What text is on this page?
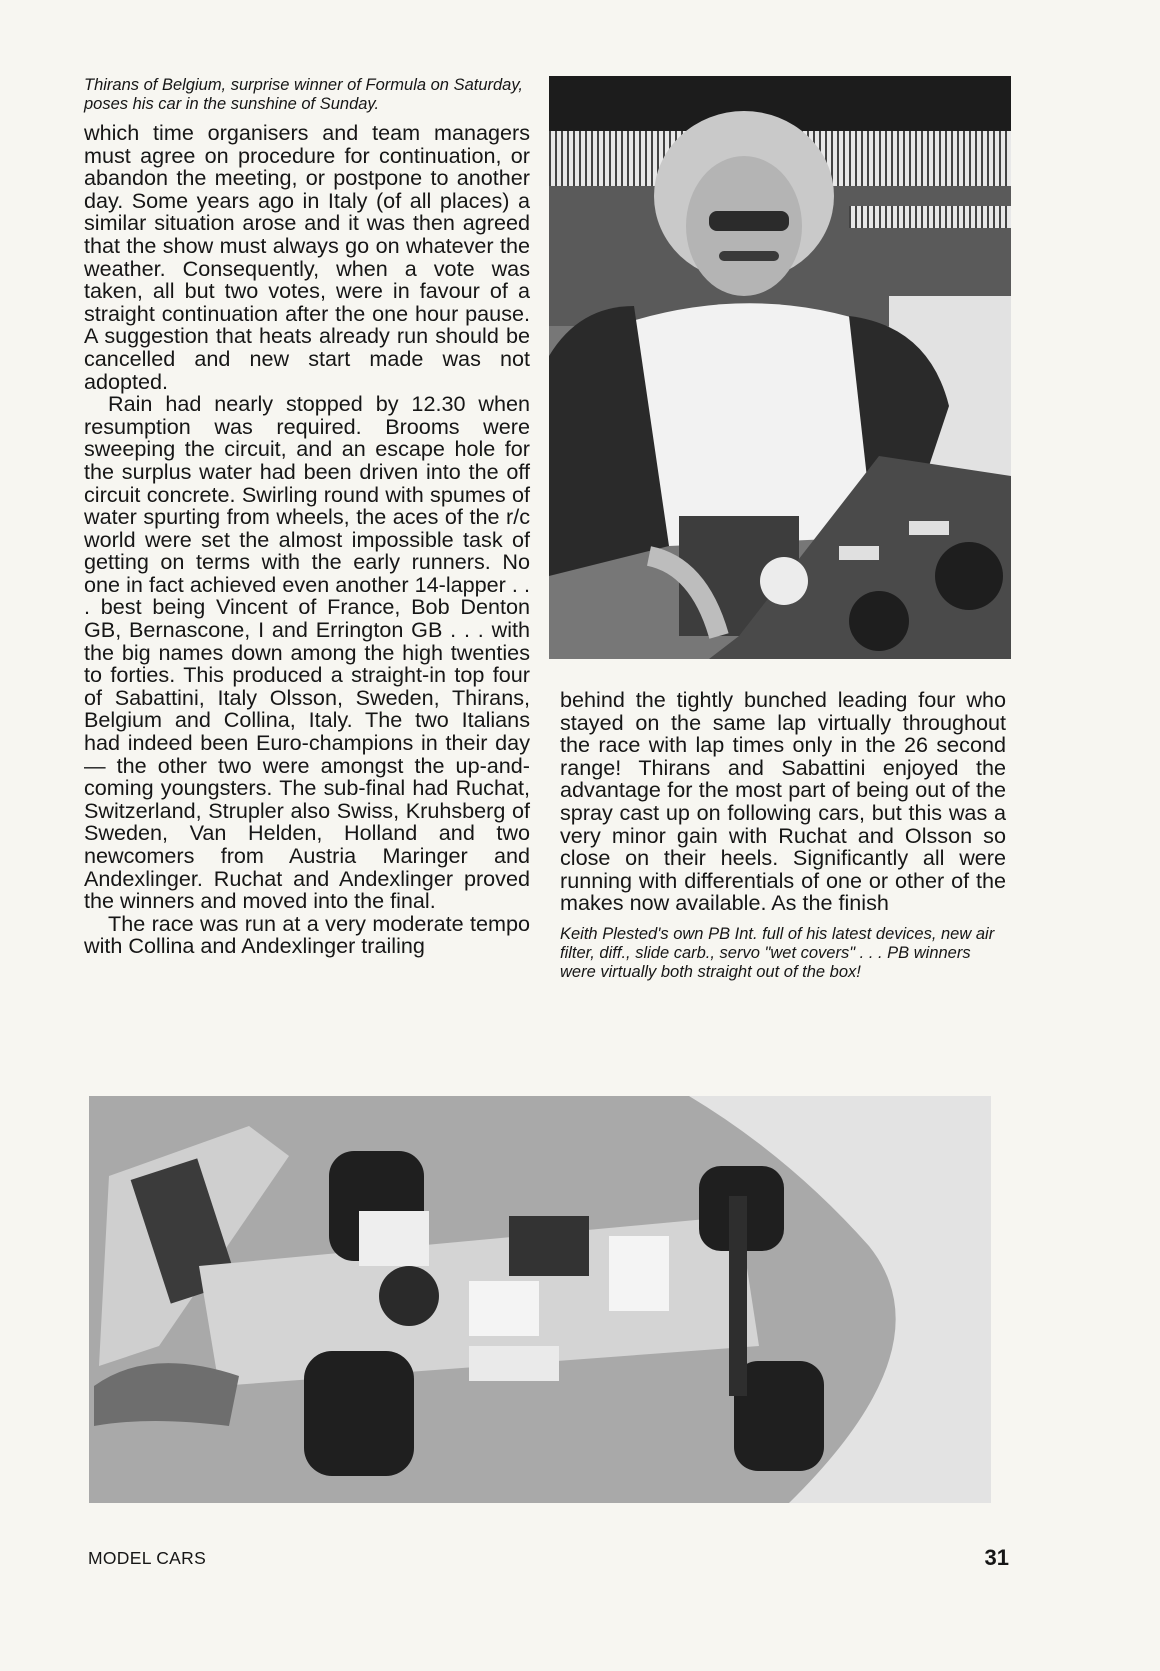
Thirans of Belgium, surprise winner of Formula on Saturday, poses his car in the sunshine of Sunday.

which time organisers and team managers must agree on procedure for continuation, or abandon the meeting, or postpone to another day. Some years ago in Italy (of all places) a similar situation arose and it was then agreed that the show must always go on whatever the weather. Consequently, when a vote was taken, all but two votes, were in favour of a straight continuation after the one hour pause. A suggestion that heats already run should be cancelled and new start made was not adopted.

Rain had nearly stopped by 12.30 when resumption was required. Brooms were sweeping the circuit, and an escape hole for the surplus water had been driven into the off circuit concrete. Swirling round with spumes of water spurting from wheels, the aces of the r/c world were set the almost impossible task of getting on terms with the early runners. No one in fact achieved even another 14-lapper . . . best being Vincent of France, Bob Denton GB, Bernascone, I and Errington GB . . . with the big names down among the high twenties to forties. This produced a straight-in top four of Sabattini, Italy Olsson, Sweden, Thirans, Belgium and Collina, Italy. The two Italians had indeed been Euro-champions in their day — the other two were amongst the up-and-coming youngsters. The sub-final had Ruchat, Switzerland, Strupler also Swiss, Kruhsberg of Sweden, Van Helden, Holland and two newcomers from Austria Maringer and Andexlinger. Ruchat and Andexlinger proved the winners and moved into the final.

The race was run at a very moderate tempo with Collina and Andexlinger trailing

behind the tightly bunched leading four who stayed on the same lap virtually throughout the race with lap times only in the 26 second range! Thirans and Sabattini enjoyed the advantage for the most part of being out of the spray cast up on following cars, but this was a very minor gain with Ruchat and Olsson so close on their heels. Significantly all were running with differentials of one or other of the makes now available. As the finish

Keith Plested's own PB Int. full of his latest devices, new air filter, diff., slide carb., servo "wet covers" . . . PB winners were virtually both straight out of the box!

MODEL CARS	31
